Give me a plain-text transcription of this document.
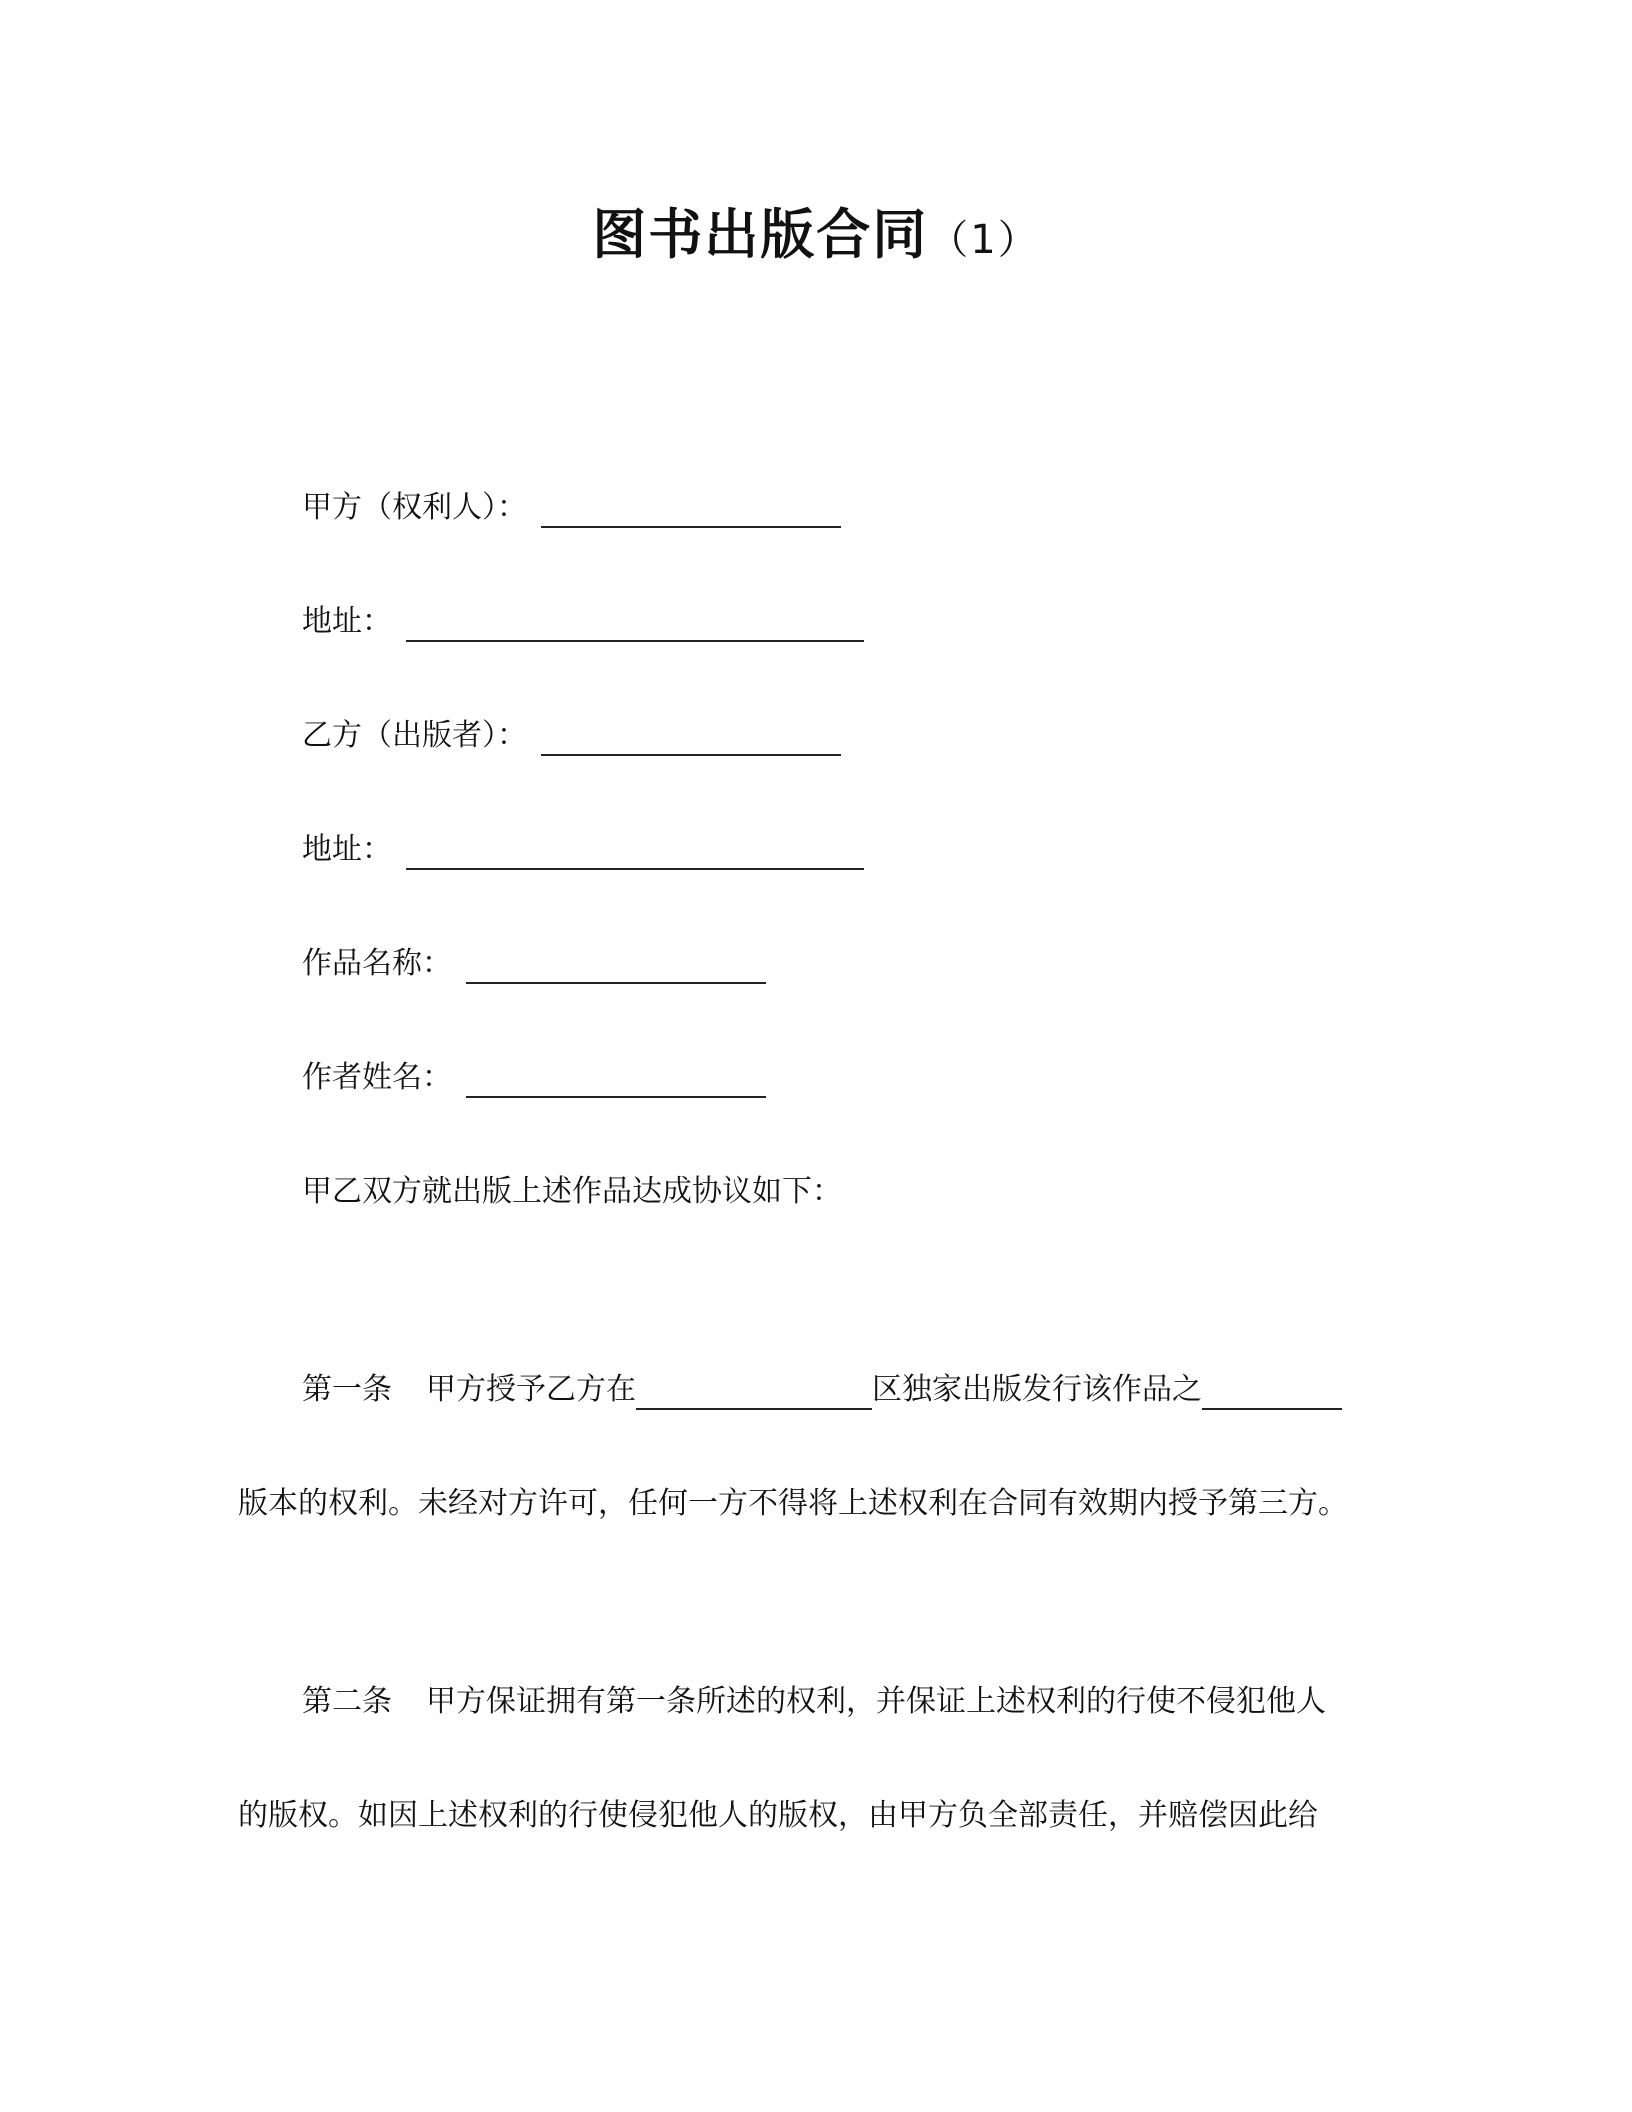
图书出版合同（1）
甲方（权利人）：
地址：
乙方（出版者）：
地址：
作品名称：
作者姓名：
甲乙双方就出版上述作品达成协议如下：
第一条 甲方授予乙方在	区独家出版发行该作品之
版本的权利。未经对方许可，任何一方不得将上述权利在合同有效期内授予第三方。
第二条 甲方保证拥有第一条所述的权利，并保证上述权利的行使不侵犯他人
的版权。如因上述权利的行使侵犯他人的版权，由甲方负全部责任，并赔偿因此给
